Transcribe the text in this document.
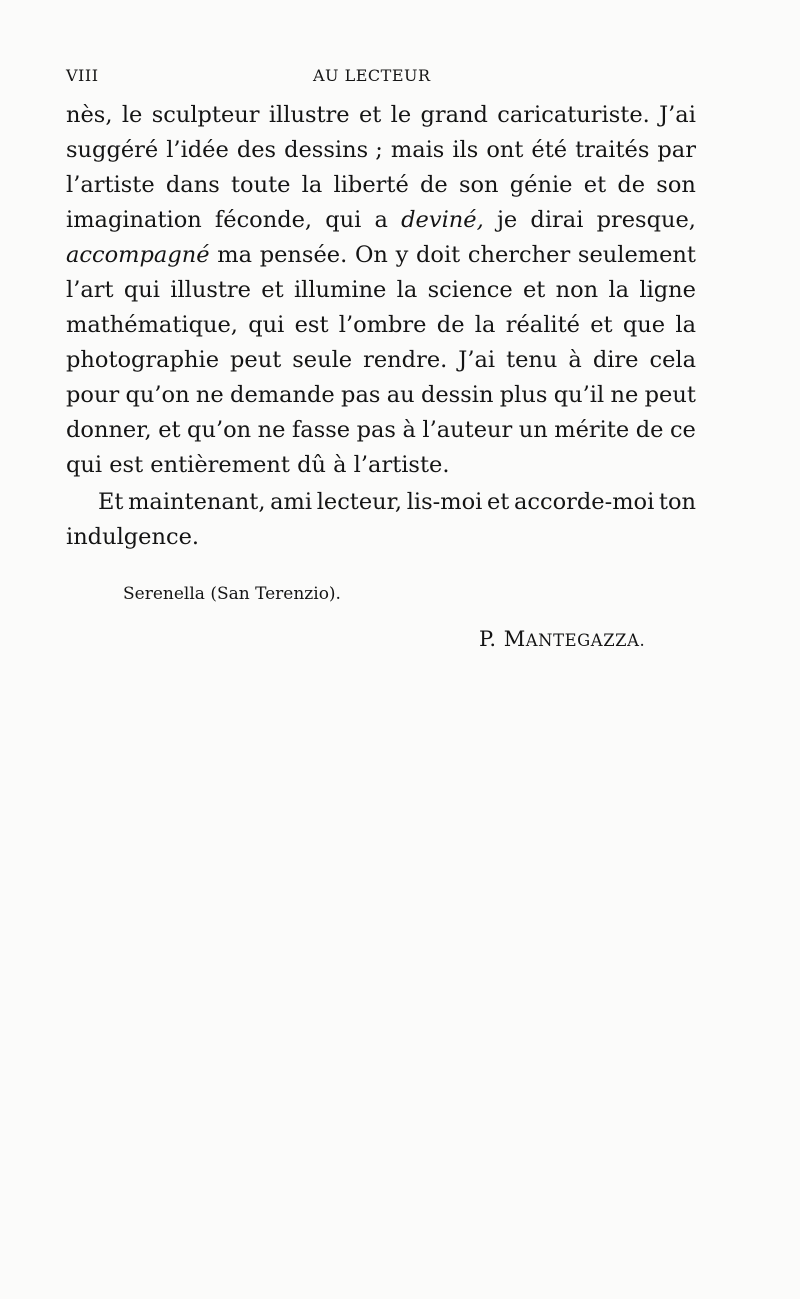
VIII	AU LECTEUR
nès, le sculpteur illustre et le grand caricaturiste. J’ai
suggéré l’idée des dessins ; mais ils ont été traités par
l’artiste dans toute la liberté de son génie et de son
imagination féconde, qui a deviné, je dirai presque,
accompagné ma pensée. On y doit chercher seulement
l’art qui illustre et illumine la science et non la ligne
mathématique, qui est l’ombre de la réalité et que la
photographie peut seule rendre. J’ai tenu à dire cela
pour qu’on ne demande pas au dessin plus qu’il ne peut
donner, et qu’on ne fasse pas à l’auteur un mérite de ce
qui est entièrement dû à l’artiste.
Et maintenant, ami lecteur, lis-moi et accorde-moi ton
indulgence.
Serenella (San Terenzio).
P. MANTEGAZZA.
